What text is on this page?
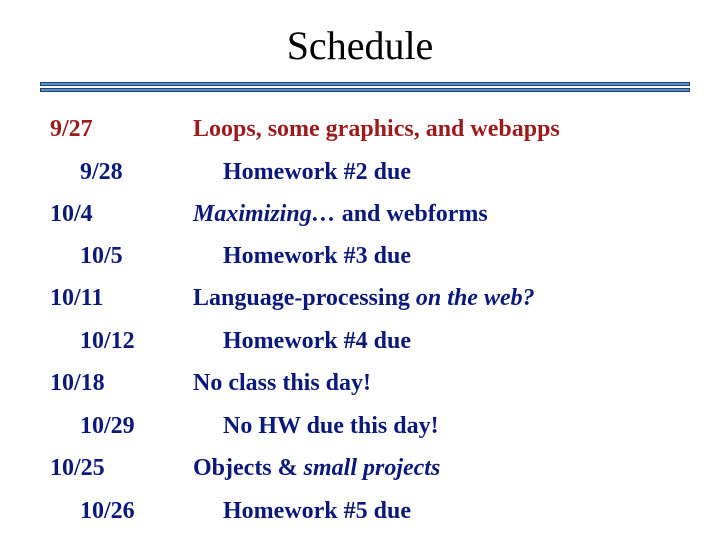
Schedule
9/27	Loops, some graphics, and webapps
9/28	Homework #2 due
10/4	Maximizing… and webforms
10/5	Homework #3 due
10/11	Language-processing on the web?
10/12	Homework #4 due
10/18	No class this day!
10/29	No HW due this day!
10/25	Objects & small projects
10/26	Homework #5 due
